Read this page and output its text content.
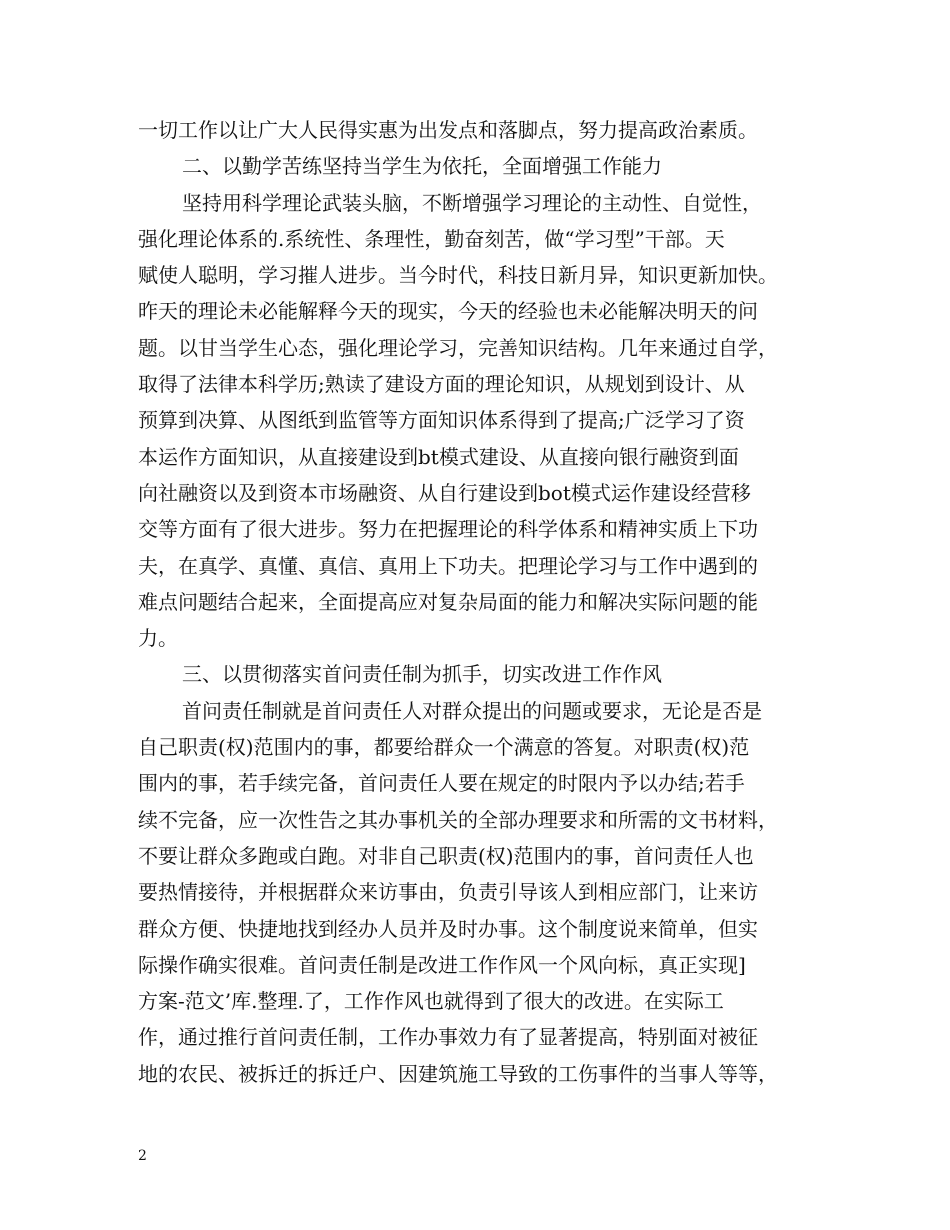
一切工作以让广大人民得实惠为出发点和落脚点，努力提高政治素质。
二、以勤学苦练坚持当学生为依托，全面增强工作能力
坚持用科学理论武装头脑，不断增强学习理论的主动性、自觉性，
强化理论体系的.系统性、条理性，勤奋刻苦，做“学习型”干部。天
赋使人聪明，学习摧人进步。当今时代，科技日新月异，知识更新加快。
昨天的理论未必能解释今天的现实，今天的经验也未必能解决明天的问
题。以甘当学生心态，强化理论学习，完善知识结构。几年来通过自学，
取得了法律本科学历;熟读了建设方面的理论知识，从规划到设计、从
预算到决算、从图纸到监管等方面知识体系得到了提高;广泛学习了资
本运作方面知识，从直接建设到bt模式建设、从直接向银行融资到面
向社融资以及到资本市场融资、从自行建设到bot模式运作建设经营移
交等方面有了很大进步。努力在把握理论的科学体系和精神实质上下功
夫，在真学、真懂、真信、真用上下功夫。把理论学习与工作中遇到的
难点问题结合起来，全面提高应对复杂局面的能力和解决实际问题的能
力。
三、以贯彻落实首问责任制为抓手，切实改进工作作风
首问责任制就是首问责任人对群众提出的问题或要求，无论是否是
自己职责(权)范围内的事，都要给群众一个满意的答复。对职责(权)范
围内的事，若手续完备，首问责任人要在规定的时限内予以办结;若手
续不完备，应一次性告之其办事机关的全部办理要求和所需的文书材料，
不要让群众多跑或白跑。对非自己职责(权)范围内的事，首问责任人也
要热情接待，并根据群众来访事由，负责引导该人到相应部门，让来访
群众方便、快捷地找到经办人员并及时办事。这个制度说来简单，但实
际操作确实很难。首问责任制是改进工作作风一个风向标，真正实现]
方案-范文’库.整理.了，工作作风也就得到了很大的改进。在实际工
作，通过推行首问责任制，工作办事效力有了显著提高，特别面对被征
地的农民、被拆迁的拆迁户、因建筑施工导致的工伤事件的当事人等等，
2
